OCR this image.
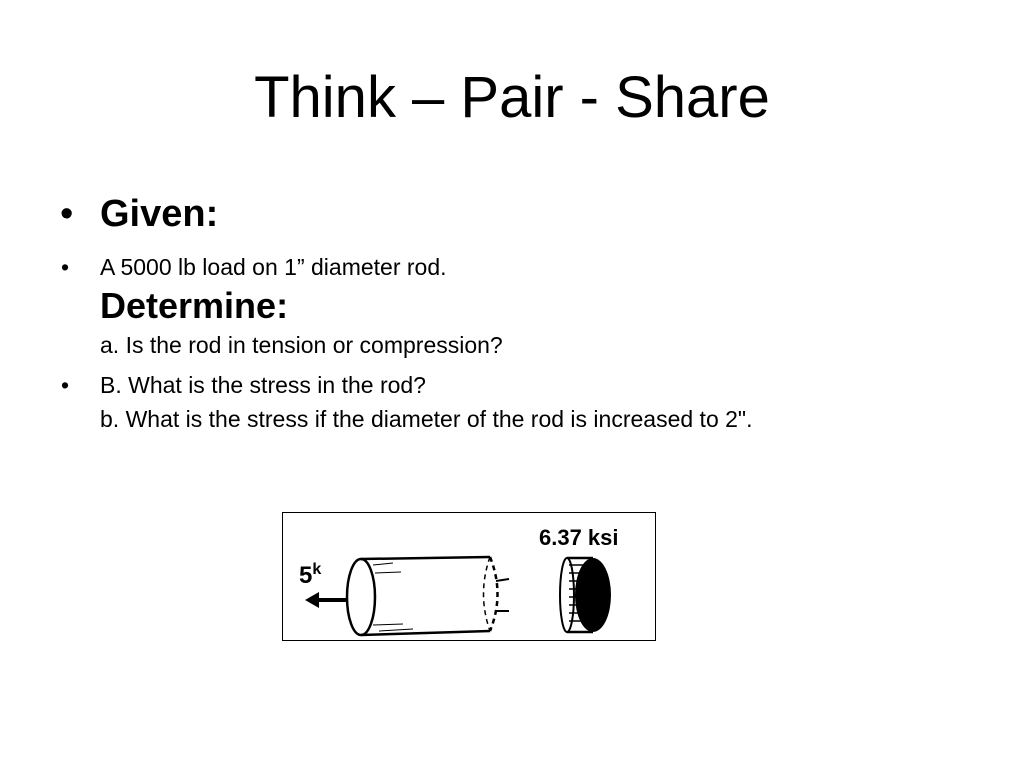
Think – Pair - Share
• Given:
• A 5000 lb load on 1” diameter rod.
Determine:
a. Is the rod in tension or compression?
• B. What is the stress in the rod?
b. What is the stress if the diameter of the rod is increased to 2".
6.37 ksi
5$^k$
